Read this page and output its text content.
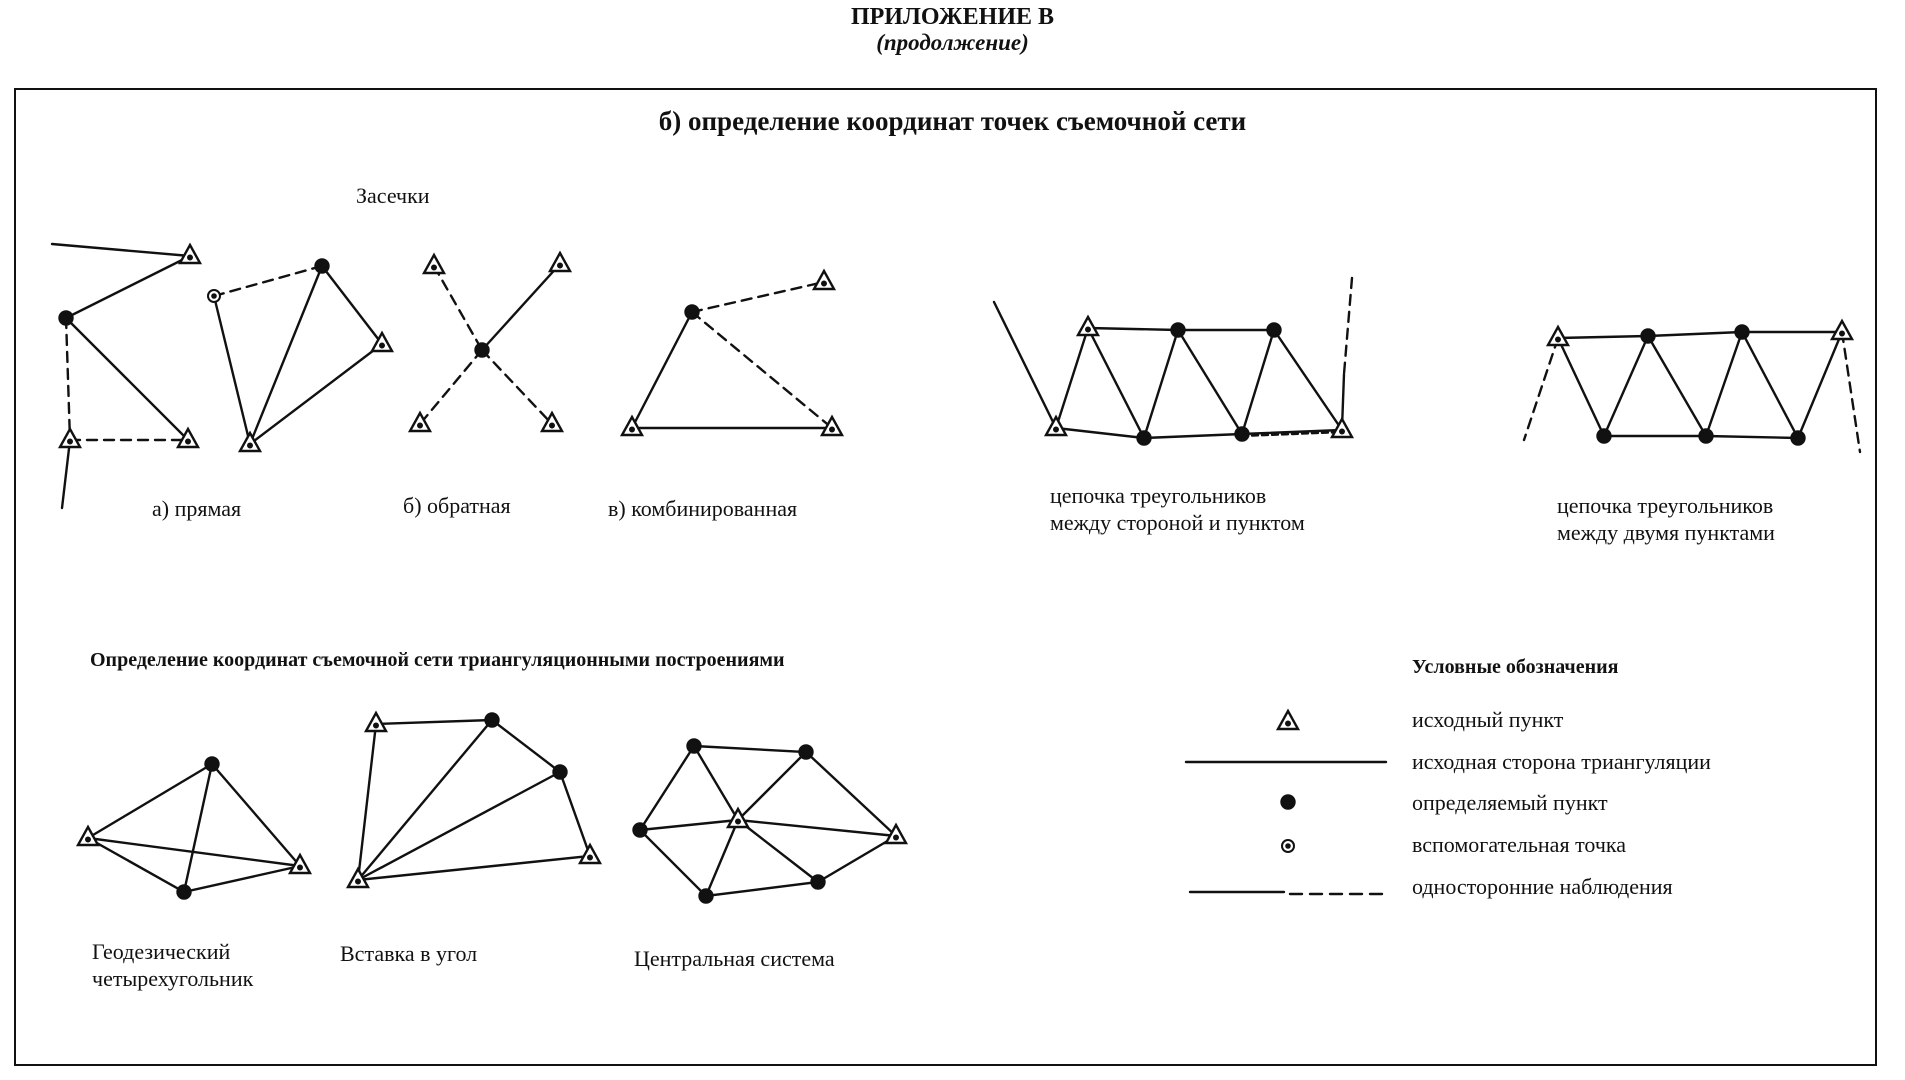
ПРИЛОЖЕНИЕ В
(продолжение)
б) определение координат точек съемочной сети
Засечки
а) прямая	б) обратная	в) комбинированная
цепочка треугольников
между стороной и пунктом
цепочка треугольников
между двумя пунктами
Определение координат съемочной сети триангуляционными построениями
Геодезический
четырехугольник
Вставка в угол	Центральная система
Условные обозначения
исходный пункт
исходная сторона триангуляции
определяемый пункт
вспомогательная точка
односторонние наблюдения
